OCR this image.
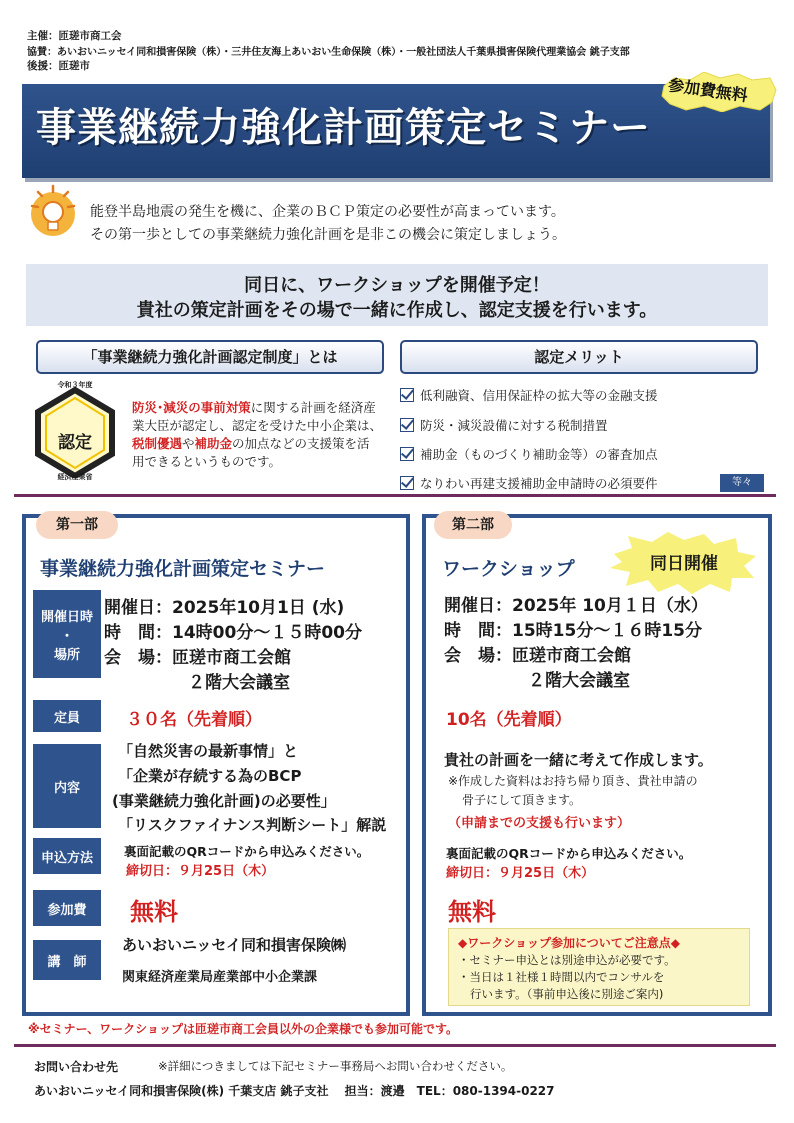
主催：匝瑳市商工会
協賛：あいおいニッセイ同和損害保険（株）・三井住友海上あいおい生命保険（株）・一般社団法人千葉県損害保険代理業協会 銚子支部
後援：匝瑳市
事業継続力強化計画策定セミナー
参加費無料
能登半島地震の発生を機に、企業のＢＣＰ策定の必要性が高まっています。
その第一歩としての事業継続力強化計画を是非この機会に策定しましょう。
同日に、ワークショップを開催予定！
貴社の策定計画をその場で一緒に作成し、認定支援を行います。
「事業継続力強化計画認定制度」とは
令和３年度
認定
経済産業省
防災･減災の事前対策に関する計画を経済産業大臣が認定し、認定を受けた中小企業は、税制優遇や補助金の加点などの支援策を活用できるというものです。
認定メリット
低利融資、信用保証枠の拡大等の金融支援
防災・減災設備に対する税制措置
補助金（ものづくり補助金等）の審査加点
なりわい再建支援補助金申請時の必須要件	等々
第一部
事業継続力強化計画策定セミナー
開催日時
・
場所
開催日：2025年10月1日 (水)
時　間：14時00分～１５時00分
会　場：匝瑳市商工会館
２階大会議室
定員	３０名（先着順）
内容
「自然災害の最新事情」と
「企業が存続する為のBCP
(事業継続力強化計画)の必要性」
「リスクファイナンス判断シート」解説
申込方法	裏面記載のQRコードから申込みください。
締切日：９月25日（木）
参加費	無料
講　師
あいおいニッセイ同和損害保険㈱
関東経済産業局産業部中小企業課
第二部
ワークショップ	同日開催
開催日：2025年 10月１日（水）
時　間：15時15分～１６時15分
会　場：匝瑳市商工会館
２階大会議室
10名（先着順）
貴社の計画を一緒に考えて作成します。
※作成した資料はお持ち帰り頂き、貴社申請の
骨子にして頂きます。
（申請までの支援も行います）
裏面記載のQRコードから申込みください。
締切日：９月25日（木）
無料
◆ワークショップ参加についてご注意点◆
・セミナー申込とは別途申込が必要です。
・当日は１社様１時間以内でコンサルを
行います。（事前申込後に別途ご案内)
※セミナー、ワークショップは匝瑳市商工会員以外の企業様でも参加可能です。
お問い合わせ先	※詳細につきましては下記セミナー事務局へお問い合わせください。
あいおいニッセイ同和損害保険(株) 千葉支店 銚子支社　 担当：渡邉　TEL：080-1394-0227
